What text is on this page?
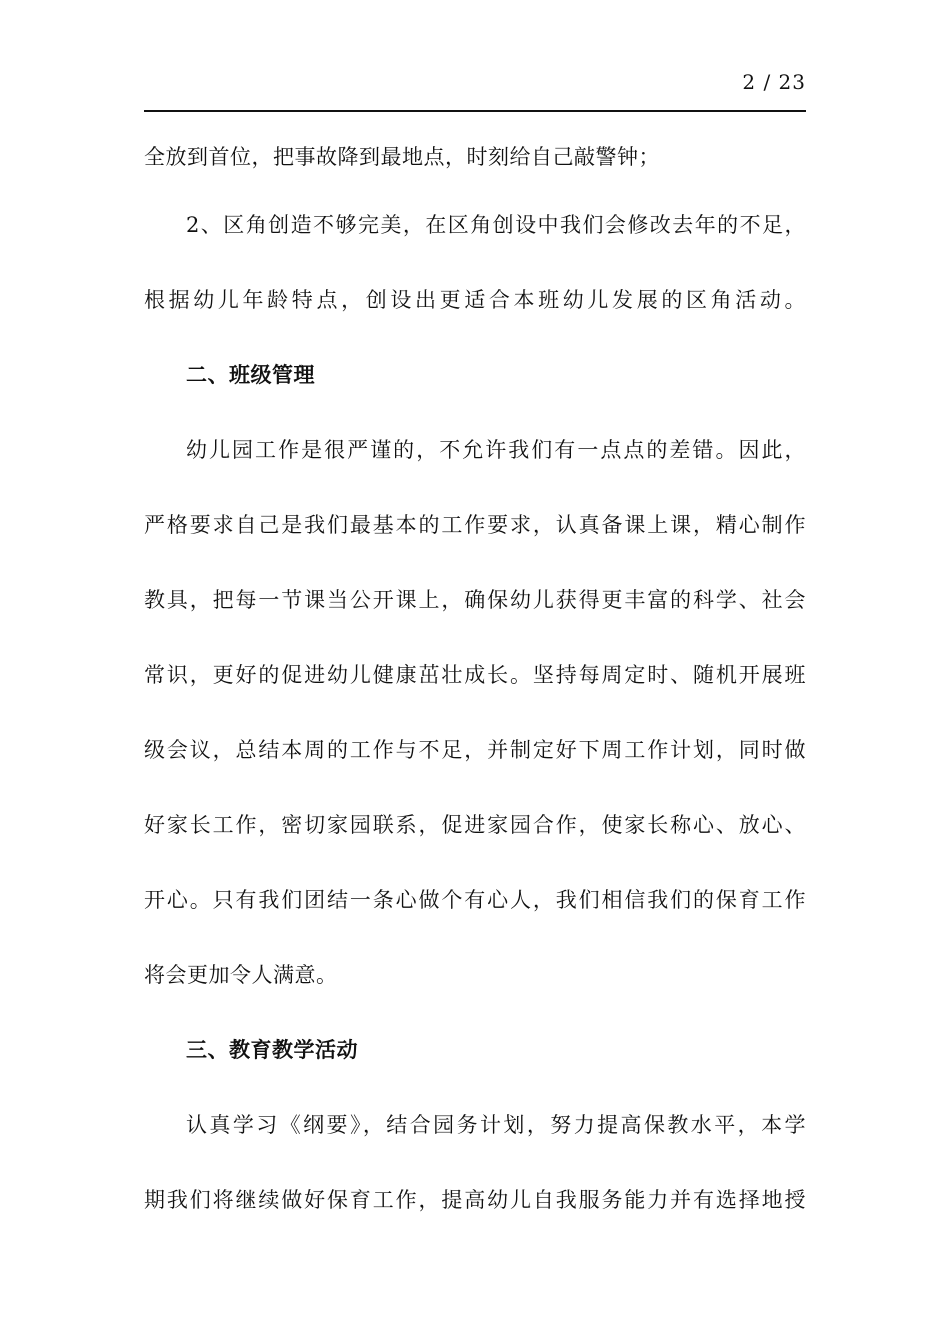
2 / 23
全放到首位，把事故降到最地点，时刻给自己敲警钟；
2、区角创造不够完美，在区角创设中我们会修改去年的不足，
根据幼儿年龄特点，创设出更适合本班幼儿发展的区角活动。
二、班级管理
幼儿园工作是很严谨的，不允许我们有一点点的差错。因此，
严格要求自己是我们最基本的工作要求，认真备课上课，精心制作
教具，把每一节课当公开课上，确保幼儿获得更丰富的科学、社会
常识，更好的促进幼儿健康茁壮成长。坚持每周定时、随机开展班
级会议，总结本周的工作与不足，并制定好下周工作计划，同时做
好家长工作，密切家园联系，促进家园合作，使家长称心、放心、
开心。只有我们团结一条心做个有心人，我们相信我们的保育工作
将会更加令人满意。
三、教育教学活动
认真学习《纲要》，结合园务计划，努力提高保教水平，本学
期我们将继续做好保育工作，提高幼儿自我服务能力并有选择地授
